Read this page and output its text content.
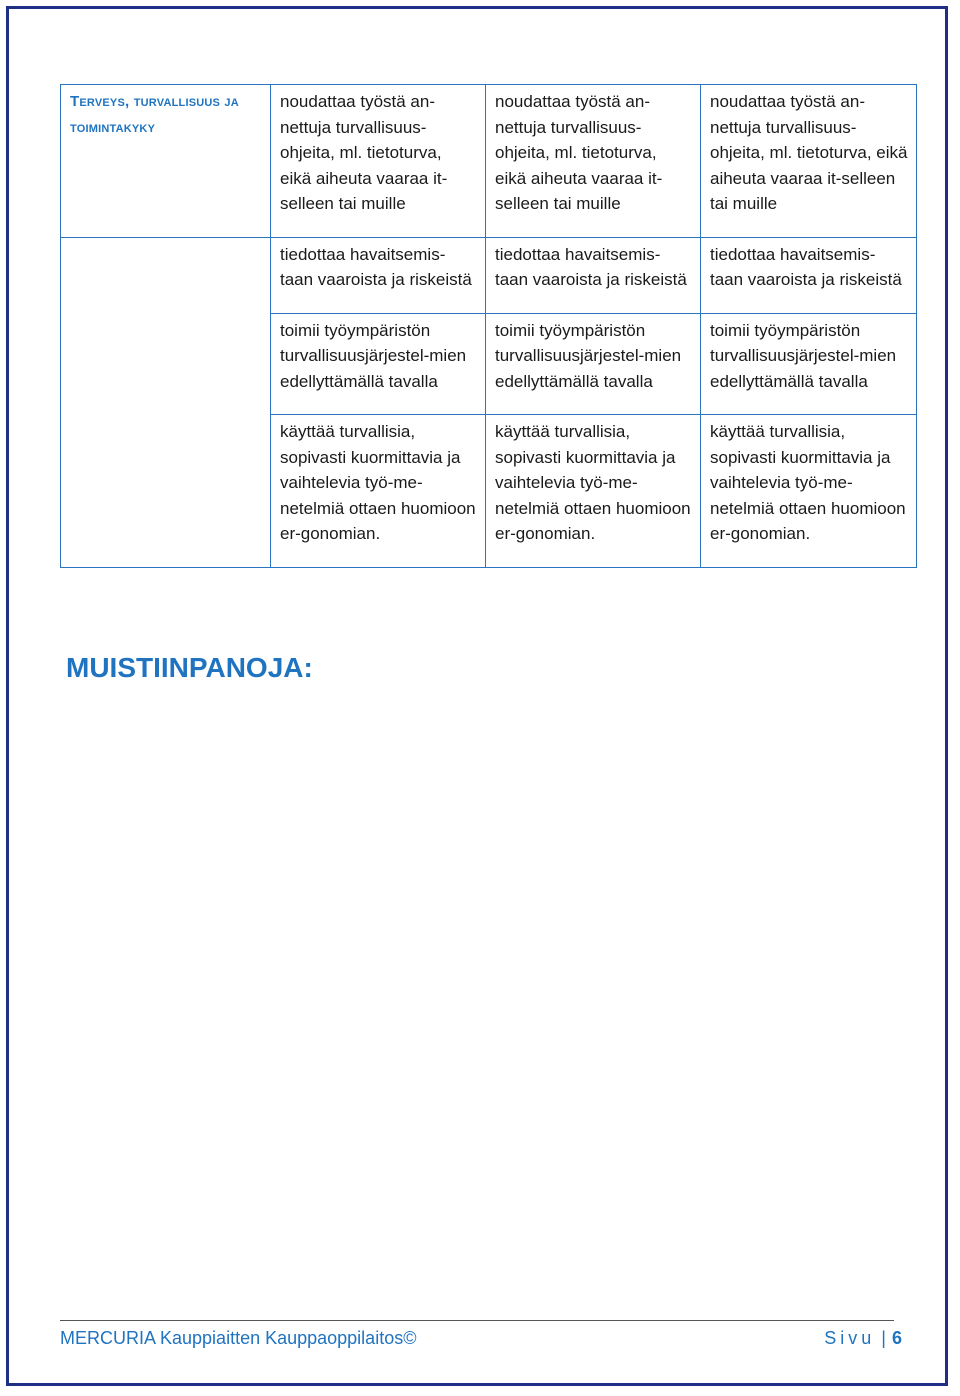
Terveys, turvallisuus ja toimintakyky	noudattaa työstä an-nettuja turvallisuus-ohjeita, ml. tietoturva, eikä aiheuta vaaraa it-selleen tai muille	noudattaa työstä an-nettuja turvallisuus-ohjeita, ml. tietoturva, eikä aiheuta vaaraa it-selleen tai muille	noudattaa työstä an-nettuja turvallisuus-ohjeita, ml. tietoturva, eikä aiheuta vaaraa it-selleen tai muille
	tiedottaa havaitsemis-taan vaaroista ja riskeistä	tiedottaa havaitsemis-taan vaaroista ja riskeistä	tiedottaa havaitsemis-taan vaaroista ja riskeistä
	toimii työympäristön turvallisuusjärjestel-mien edellyttämällä tavalla	toimii työympäristön turvallisuusjärjestel-mien edellyttämällä tavalla	toimii työympäristön turvallisuusjärjestel-mien edellyttämällä tavalla
	käyttää turvallisia, sopivasti kuormittavia ja vaihtelevia työ-me-netelmiä ottaen huomioon er-gonomian.	käyttää turvallisia, sopivasti kuormittavia ja vaihtelevia työ-me-netelmiä ottaen huomioon er-gonomian.	käyttää turvallisia, sopivasti kuormittavia ja vaihtelevia työ-me-netelmiä ottaen huomioon er-gonomian.
MUISTIINPANOJA:
MERCURIA Kauppiaitten Kauppaoppilaitos©	Sivu | 6
